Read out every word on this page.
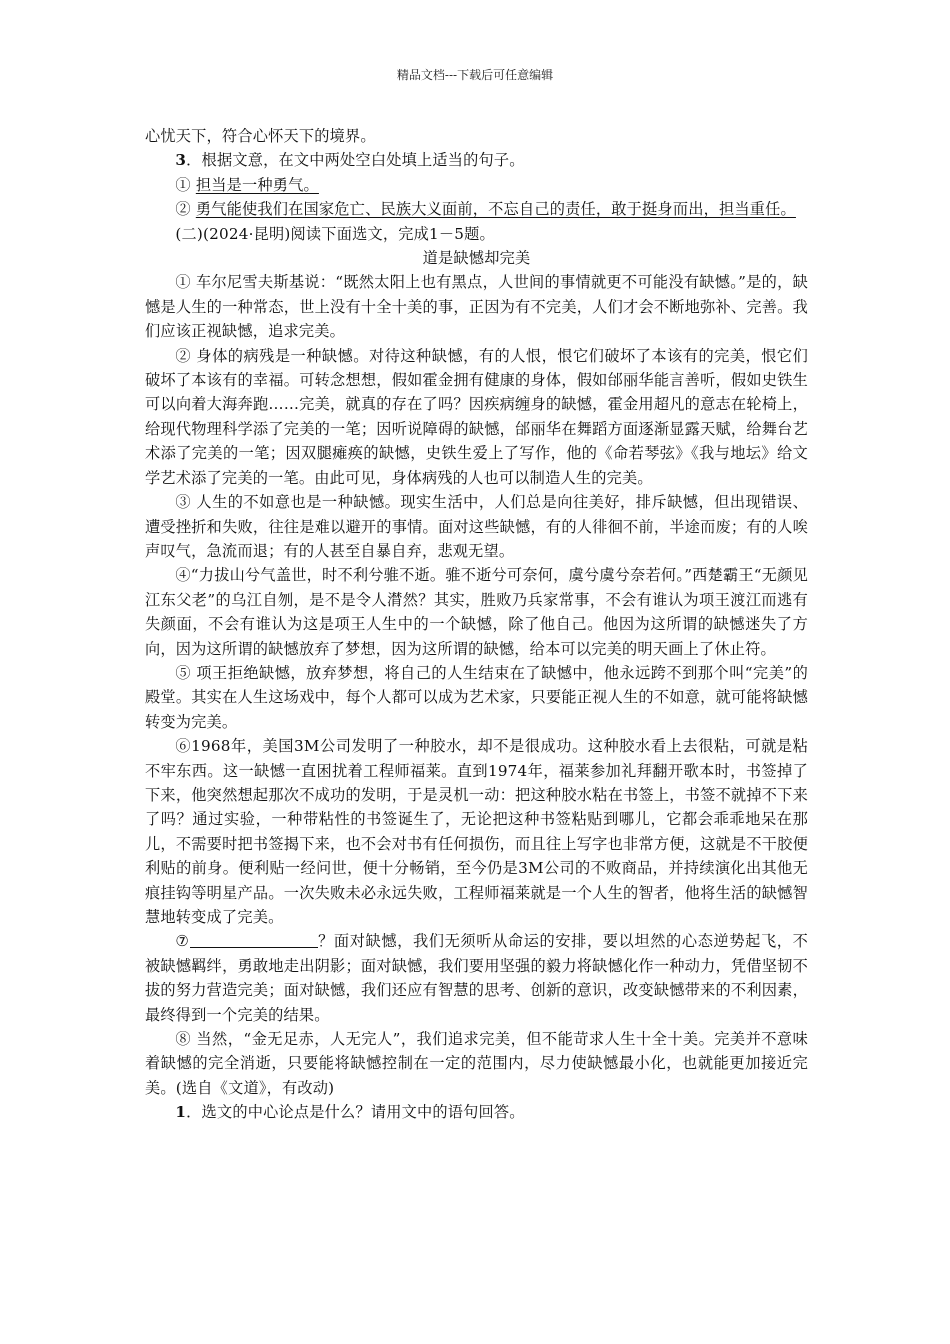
精品文档---下载后可任意编辑

心忧天下，符合心怀天下的境界。

3．根据文意，在文中两处空白处填上适当的句子。

① 担当是一种勇气。

② 勇气能使我们在国家危亡、民族大义面前，不忘自己的责任，敢于挺身而出，担当重任。

(二)(2024·昆明)阅读下面选文，完成1－5题。

道是缺憾却完美

① 车尔尼雪夫斯基说：“既然太阳上也有黑点，人世间的事情就更不可能没有缺憾。”是的，缺憾是人生的一种常态，世上没有十全十美的事，正因为有不完美，人们才会不断地弥补、完善。我们应该正视缺憾，追求完美。

② 身体的病残是一种缺憾。对待这种缺憾，有的人恨，恨它们破坏了本该有的完美，恨它们破坏了本该有的幸福。可转念想想，假如霍金拥有健康的身体，假如邰丽华能言善听，假如史铁生可以向着大海奔跑……完美，就真的存在了吗？因疾病缠身的缺憾，霍金用超凡的意志在轮椅上，给现代物理科学添了完美的一笔；因听说障碍的缺憾，邰丽华在舞蹈方面逐渐显露天赋，给舞台艺术添了完美的一笔；因双腿瘫痪的缺憾，史铁生爱上了写作，他的《命若琴弦》《我与地坛》给文学艺术添了完美的一笔。由此可见，身体病残的人也可以制造人生的完美。

③ 人生的不如意也是一种缺憾。现实生活中，人们总是向往美好，排斥缺憾，但出现错误、遭受挫折和失败，往往是难以避开的事情。面对这些缺憾，有的人徘徊不前，半途而废；有的人唉声叹气，急流而退；有的人甚至自暴自弃，悲观无望。

④“力拔山兮气盖世，时不利兮骓不逝。骓不逝兮可奈何，虞兮虞兮奈若何。”西楚霸王“无颜见江东父老”的乌江自刎，是不是令人潸然？其实，胜败乃兵家常事，不会有谁认为项王渡江而逃有失颜面，不会有谁认为这是项王人生中的一个缺憾，除了他自己。他因为这所谓的缺憾迷失了方向，因为这所谓的缺憾放弃了梦想，因为这所谓的缺憾，给本可以完美的明天画上了休止符。

⑤ 项王拒绝缺憾，放弃梦想，将自己的人生结束在了缺憾中，他永远跨不到那个叫“完美”的殿堂。其实在人生这场戏中，每个人都可以成为艺术家，只要能正视人生的不如意，就可能将缺憾转变为完美。

⑥1968年，美国3M公司发明了一种胶水，却不是很成功。这种胶水看上去很粘，可就是粘不牢东西。这一缺憾一直困扰着工程师福莱。直到1974年，福莱参加礼拜翻开歌本时，书签掉了下来，他突然想起那次不成功的发明，于是灵机一动：把这种胶水粘在书签上，书签不就掉不下来了吗？通过实验，一种带粘性的书签诞生了，无论把这种书签粘贴到哪儿，它都会乖乖地呆在那儿，不需要时把书签揭下来，也不会对书有任何损伤，而且往上写字也非常方便，这就是不干胶便利贴的前身。便利贴一经问世，便十分畅销，至今仍是3M公司的不败商品，并持续演化出其他无痕挂钩等明星产品。一次失败未必永远失败，工程师福莱就是一个人生的智者，他将生活的缺憾智慧地转变成了完美。

⑦	？面对缺憾，我们无须听从命运的安排，要以坦然的心态逆势起飞，不被缺憾羁绊，勇敢地走出阴影；面对缺憾，我们要用坚强的毅力将缺憾化作一种动力，凭借坚韧不拔的努力营造完美；面对缺憾，我们还应有智慧的思考、创新的意识，改变缺憾带来的不利因素，最终得到一个完美的结果。

⑧ 当然，“金无足赤，人无完人”，我们追求完美，但不能苛求人生十全十美。完美并不意味着缺憾的完全消逝，只要能将缺憾控制在一定的范围内，尽力使缺憾最小化，也就能更加接近完美。(选自《文道》，有改动)

1．选文的中心论点是什么？请用文中的语句回答。
